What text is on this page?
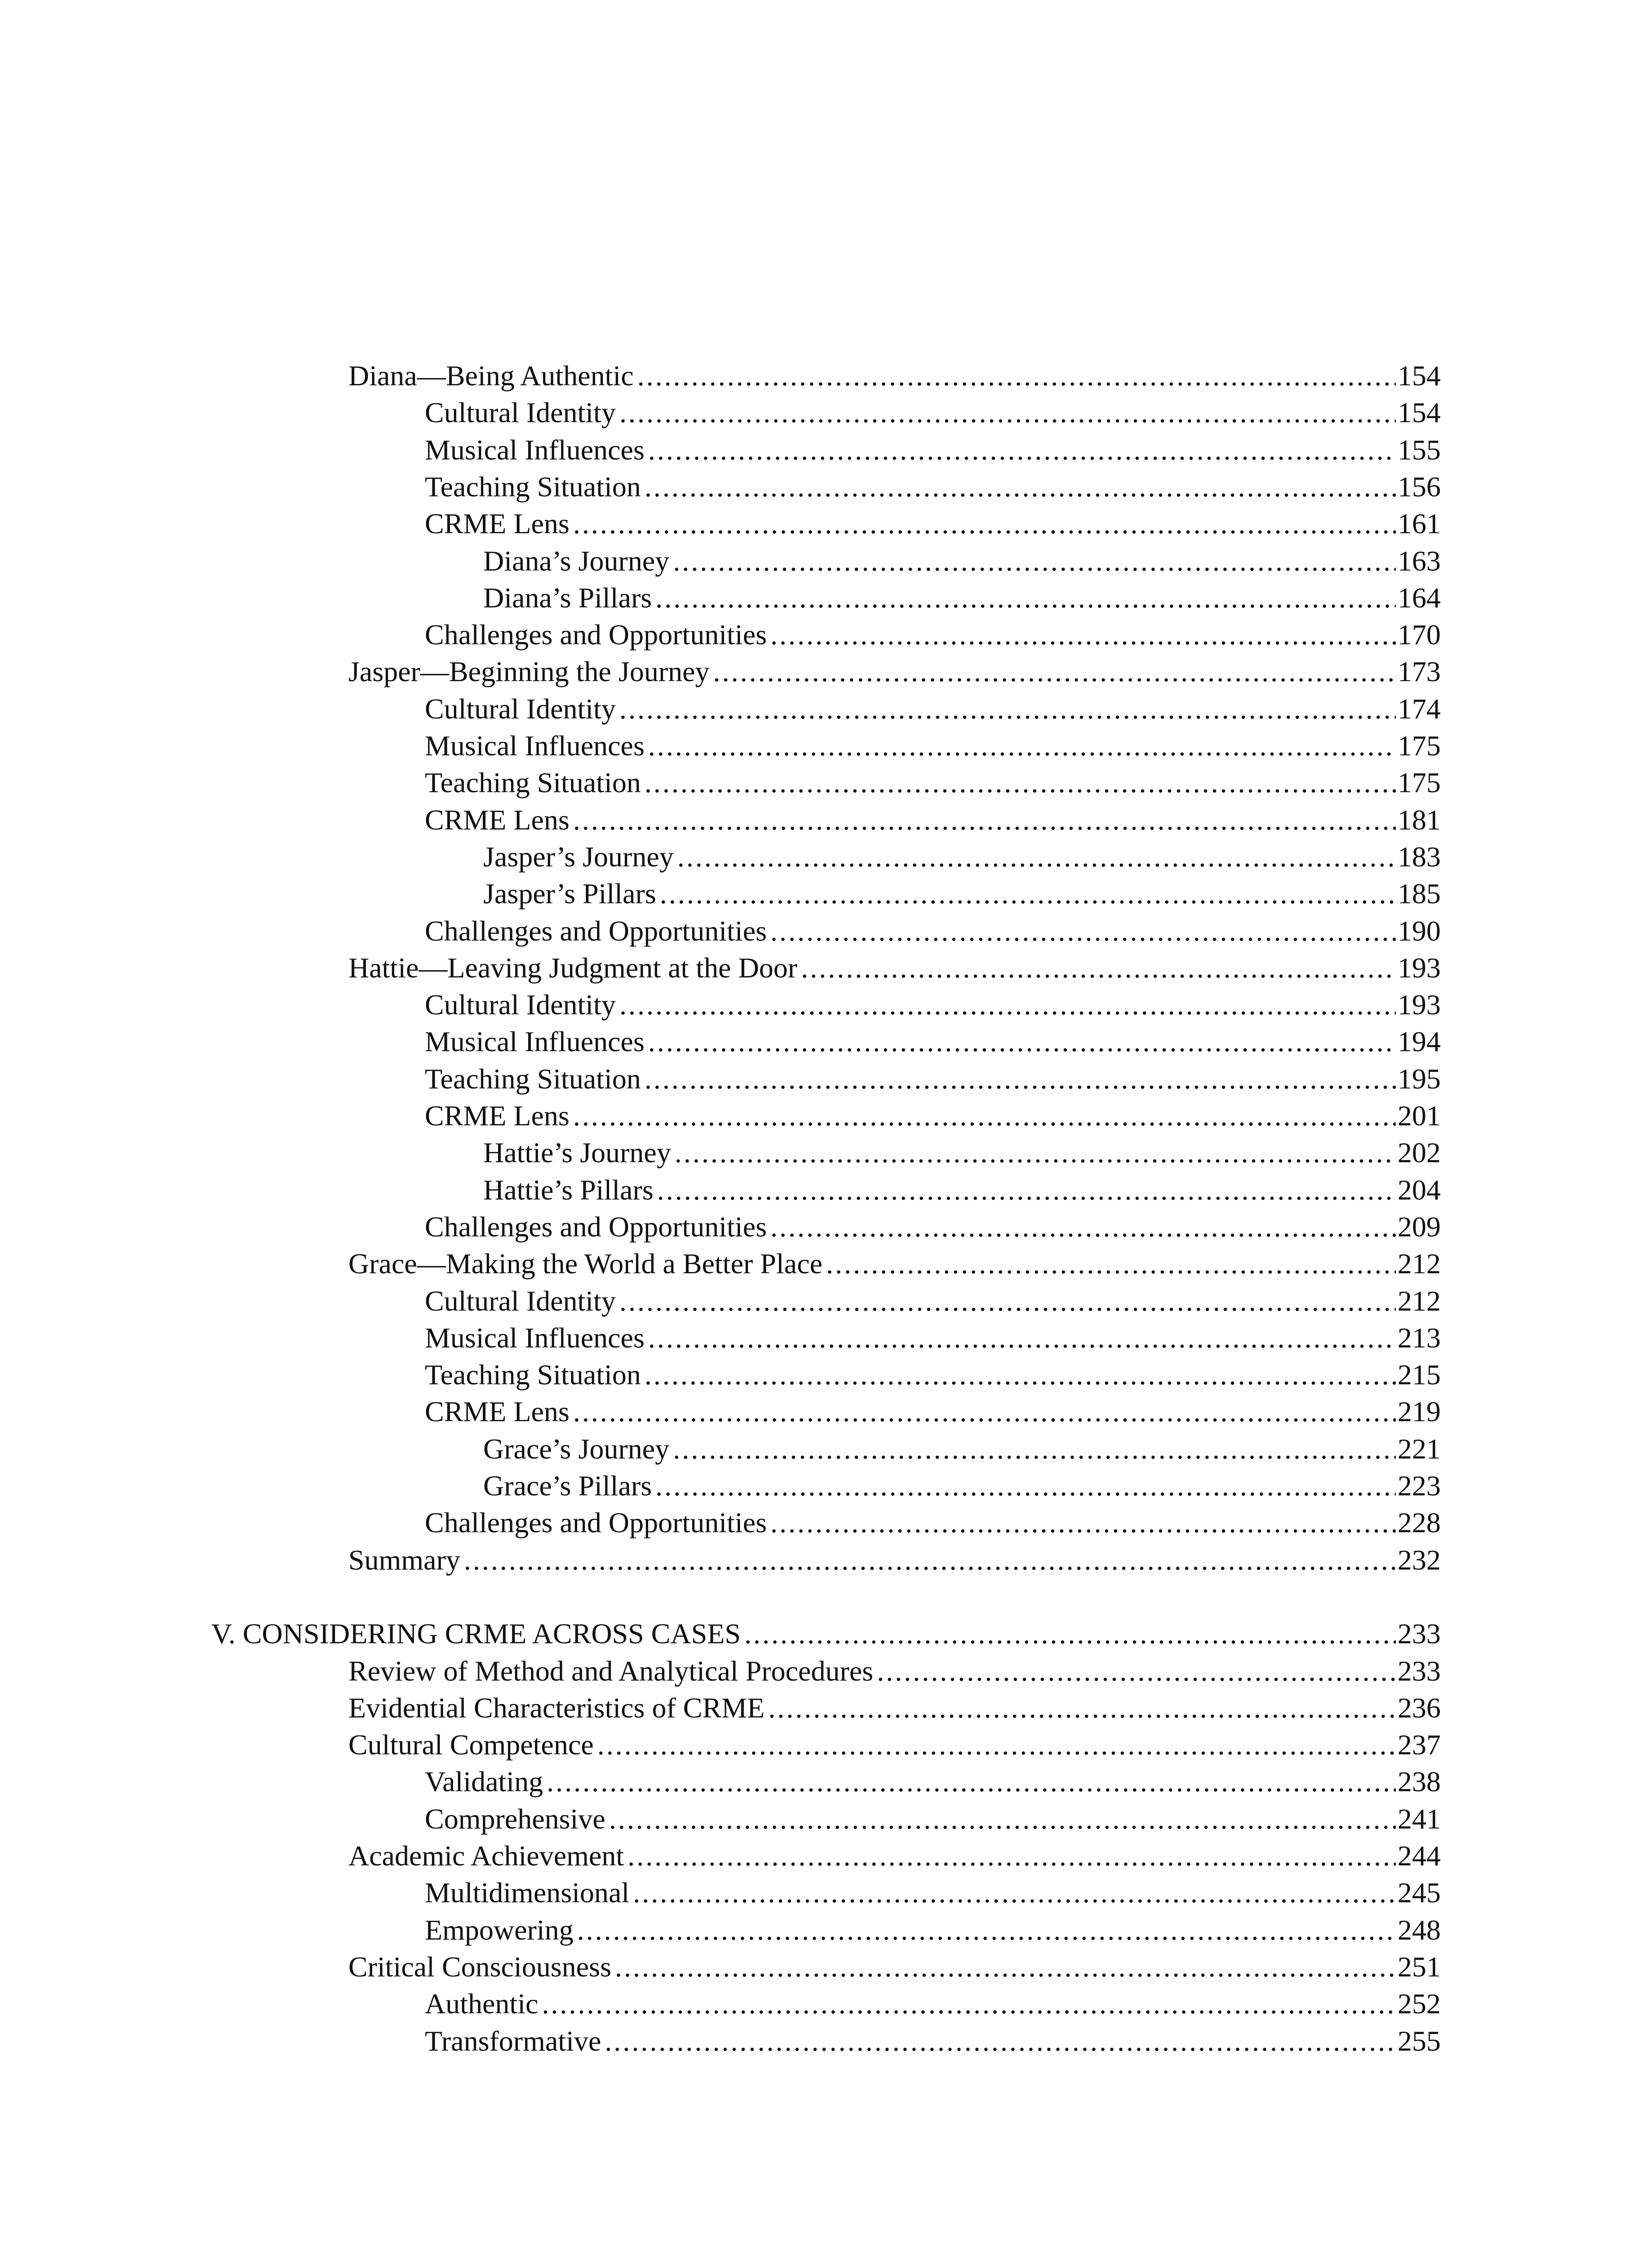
Diana—Being Authentic .....	154
Cultural Identity .....	154
Musical Influences .....	155
Teaching Situation .....	156
CRME Lens .....	161
Diana’s Journey .....	163
Diana’s Pillars .....	164
Challenges and Opportunities .....	170
Jasper—Beginning the Journey .....	173
Cultural Identity .....	174
Musical Influences .....	175
Teaching Situation .....	175
CRME Lens .....	181
Jasper’s Journey .....	183
Jasper’s Pillars .....	185
Challenges and Opportunities .....	190
Hattie—Leaving Judgment at the Door .....	193
Cultural Identity .....	193
Musical Influences .....	194
Teaching Situation .....	195
CRME Lens .....	201
Hattie’s Journey .....	202
Hattie’s Pillars .....	204
Challenges and Opportunities .....	209
Grace—Making the World a Better Place .....	212
Cultural Identity .....	212
Musical Influences .....	213
Teaching Situation .....	215
CRME Lens .....	219
Grace’s Journey .....	221
Grace’s Pillars .....	223
Challenges and Opportunities .....	228
Summary .....	232
V. CONSIDERING CRME ACROSS CASES .....	233
Review of Method and Analytical Procedures .....	233
Evidential Characteristics of CRME .....	236
Cultural Competence .....	237
Validating .....	238
Comprehensive .....	241
Academic Achievement .....	244
Multidimensional .....	245
Empowering .....	248
Critical Consciousness .....	251
Authentic .....	252
Transformative .....	255
